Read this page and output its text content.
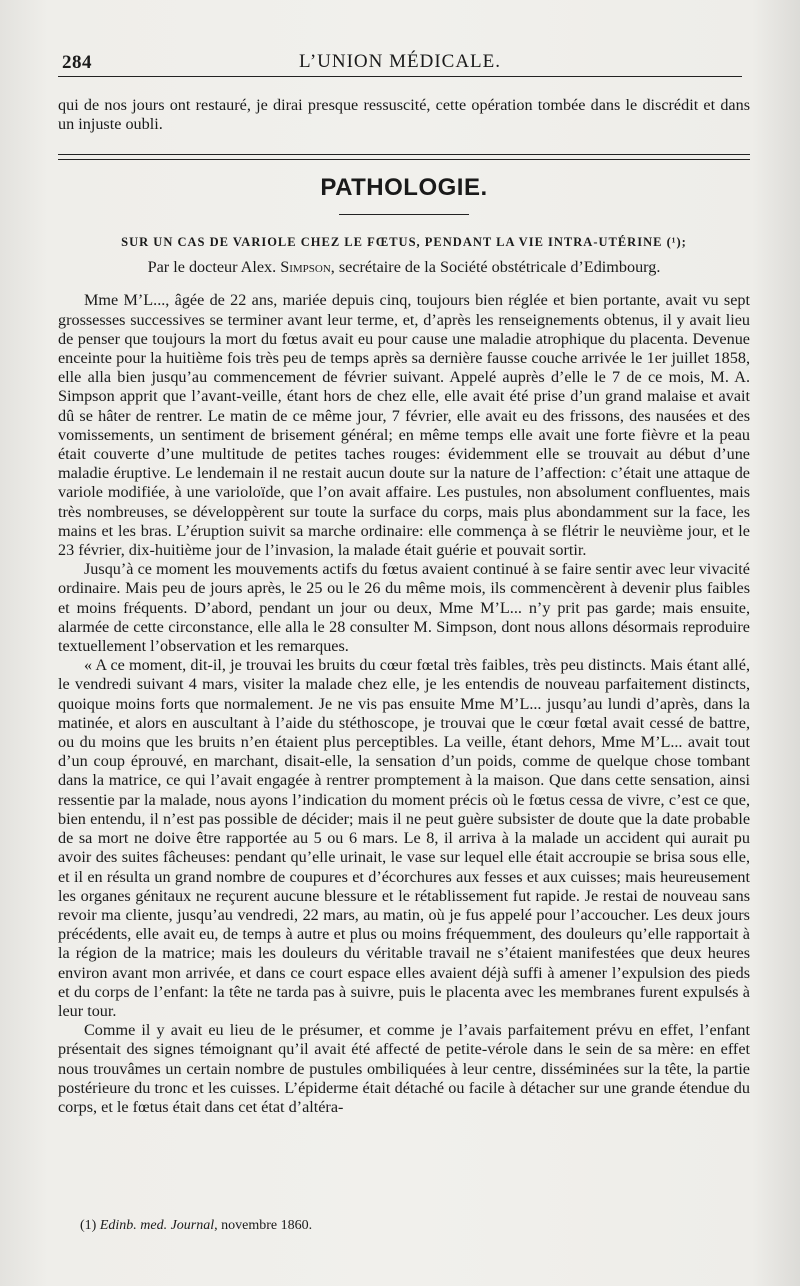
284	L’UNION MÉDICALE.

qui de nos jours ont restauré, je dirai presque ressuscité, cette opération tombée dans le discrédit et dans un injuste oubli.

PATHOLOGIE.

SUR UN CAS DE VARIOLE CHEZ LE FŒTUS, PENDANT LA VIE INTRA-UTÉRINE (¹);

Par le docteur Alex. Simpson, secrétaire de la Société obstétricale d’Edimbourg.

Mme M’L..., âgée de 22 ans, mariée depuis cinq, toujours bien réglée et bien portante, avait vu sept grossesses successives se terminer avant leur terme, et, d’après les renseignements obtenus, il y avait lieu de penser que toujours la mort du fœtus avait eu pour cause une maladie atrophique du placenta. Devenue enceinte pour la huitième fois très peu de temps après sa dernière fausse couche arrivée le 1er juillet 1858, elle alla bien jusqu’au commencement de février suivant. Appelé auprès d’elle le 7 de ce mois, M. A. Simpson apprit que l’avant-veille, étant hors de chez elle, elle avait été prise d’un grand malaise et avait dû se hâter de rentrer. Le matin de ce même jour, 7 février, elle avait eu des frissons, des nausées et des vomissements, un sentiment de brisement général; en même temps elle avait une forte fièvre et la peau était couverte d’une multitude de petites taches rouges: évidemment elle se trouvait au début d’une maladie éruptive. Le lendemain il ne restait aucun doute sur la nature de l’affection: c’était une attaque de variole modifiée, à une varioloïde, que l’on avait affaire. Les pustules, non absolument confluentes, mais très nombreuses, se développèrent sur toute la surface du corps, mais plus abondamment sur la face, les mains et les bras. L’éruption suivit sa marche ordinaire: elle commença à se flétrir le neuvième jour, et le 23 février, dix-huitième jour de l’invasion, la malade était guérie et pouvait sortir.

Jusqu’à ce moment les mouvements actifs du fœtus avaient continué à se faire sentir avec leur vivacité ordinaire. Mais peu de jours après, le 25 ou le 26 du même mois, ils commencèrent à devenir plus faibles et moins fréquents. D’abord, pendant un jour ou deux, Mme M’L... n’y prit pas garde; mais ensuite, alarmée de cette circonstance, elle alla le 28 consulter M. Simpson, dont nous allons désormais reproduire textuellement l’observation et les remarques.

« A ce moment, dit-il, je trouvai les bruits du cœur fœtal très faibles, très peu distincts. Mais étant allé, le vendredi suivant 4 mars, visiter la malade chez elle, je les entendis de nouveau parfaitement distincts, quoique moins forts que normalement. Je ne vis pas ensuite Mme M’L... jusqu’au lundi d’après, dans la matinée, et alors en auscultant à l’aide du stéthoscope, je trouvai que le cœur fœtal avait cessé de battre, ou du moins que les bruits n’en étaient plus perceptibles. La veille, étant dehors, Mme M’L... avait tout d’un coup éprouvé, en marchant, disait-elle, la sensation d’un poids, comme de quelque chose tombant dans la matrice, ce qui l’avait engagée à rentrer promptement à la maison. Que dans cette sensation, ainsi ressentie par la malade, nous ayons l’indication du moment précis où le fœtus cessa de vivre, c’est ce que, bien entendu, il n’est pas possible de décider; mais il ne peut guère subsister de doute que la date probable de sa mort ne doive être rapportée au 5 ou 6 mars. Le 8, il arriva à la malade un accident qui aurait pu avoir des suites fâcheuses: pendant qu’elle urinait, le vase sur lequel elle était accroupie se brisa sous elle, et il en résulta un grand nombre de coupures et d’écorchures aux fesses et aux cuisses; mais heureusement les organes génitaux ne reçurent aucune blessure et le rétablissement fut rapide. Je restai de nouveau sans revoir ma cliente, jusqu’au vendredi, 22 mars, au matin, où je fus appelé pour l’accoucher. Les deux jours précédents, elle avait eu, de temps à autre et plus ou moins fréquemment, des douleurs qu’elle rapportait à la région de la matrice; mais les douleurs du véritable travail ne s’étaient manifestées que deux heures environ avant mon arrivée, et dans ce court espace elles avaient déjà suffi à amener l’expulsion des pieds et du corps de l’enfant: la tête ne tarda pas à suivre, puis le placenta avec les membranes furent expulsés à leur tour.

Comme il y avait eu lieu de le présumer, et comme je l’avais parfaitement prévu en effet, l’enfant présentait des signes témoignant qu’il avait été affecté de petite-vérole dans le sein de sa mère: en effet nous trouvâmes un certain nombre de pustules ombiliquées à leur centre, disséminées sur la tête, la partie postérieure du tronc et les cuisses. L’épiderme était détaché ou facile à détacher sur une grande étendue du corps, et le fœtus était dans cet état d’altéra-

(1) Edinb. med. Journal, novembre 1860.
